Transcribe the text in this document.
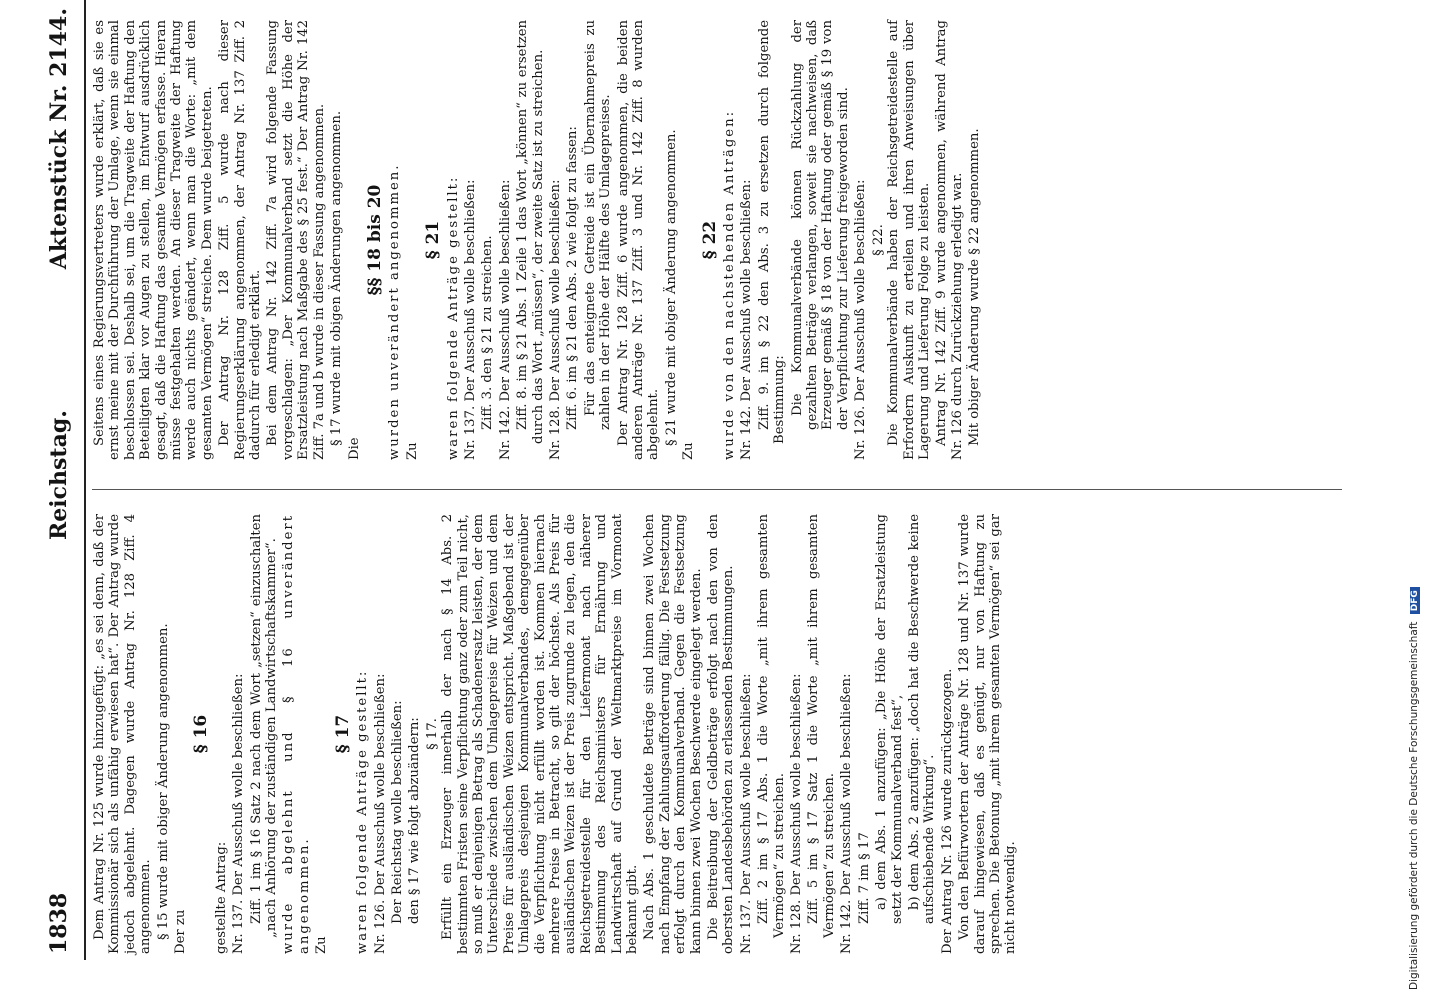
1838
Reichstag.
Aktenstück Nr. 2144.

Dem Antrag Nr. 125 wurde hinzugefügt: „es sei denn, daß der Kommissionär sich als unfähig erwiesen hat“. Der Antrag wurde jedoch abgelehnt. Dagegen wurde Antrag Nr. 128 Ziff. 4 angenommen. § 15 wurde mit obiger Änderung angenommen. Der zu

§ 16

gestellte Antrag: Nr. 137. Der Ausschuß wolle beschließen: Ziff. 1 im § 16 Satz 2 nach dem Wort „setzen“ einzuschalten „nach Anhörung der zuständigen Landwirtschaftskammer“. wurde abgelehnt und § 16 unverändert angenommen. Zu

§ 17 waren folgende Anträge gestellt: Nr. 126. Der Ausschuß wolle beschließen: Der Reichstag wolle beschließen: den § 17 wie folgt abzuändern: § 17. Erfüllt ein Erzeuger innerhalb der nach § 14 Abs. 2 bestimmten Fristen seine Verpflichtung ganz oder zum Teil nicht, so muß er denjenigen Betrag als Schadenersatz leisten, der dem Unterschiede zwischen dem Umlagepreise für Weizen und dem Preise für ausländischen Weizen entspricht. Maßgebend ist der Umlagepreis desjenigen Kommunalverbandes, demgegenüber die Verpflichtung nicht erfüllt worden ist. Kommen hiernach mehrere Preise in Betracht, so gilt der höchste. Als Preis für ausländischen Weizen ist der Preis zugrunde zu legen, den die Reichsgetreidestelle für den Liefermonat nach näherer Bestimmung des Reichsministers für Ernährung und Landwirtschaft auf Grund der Weltmarktpreise im Vormonat bekannt gibt. Nach Abs. 1 geschuldete Beträge sind binnen zwei Wochen nach Empfang der Zahlungsaufforderung fällig. Die Festsetzung erfolgt durch den Kommunalverband. Gegen die Festsetzung kann binnen zwei Wochen Beschwerde eingelegt werden. Die Beitreibung der Geldbeträge erfolgt nach den von den obersten Landesbehörden zu erlassenden Bestimmungen. Nr. 137. Der Ausschuß wolle beschließen: Ziff. 2 im § 17 Abs. 1 die Worte „mit ihrem gesamten Vermögen“ zu streichen. Nr. 128. Der Ausschuß wolle beschließen: Ziff. 5 im § 17 Satz 1 die Worte „mit ihrem gesamten Vermögen“ zu streichen. Nr. 142. Der Ausschuß wolle beschließen: Ziff. 7 im § 17 a) dem Abs. 1 anzufügen: „Die Höhe der Ersatzleistung setzt der Kommunalverband fest“, b) dem Abs. 2 anzufügen: „doch hat die Beschwerde keine aufschiebende Wirkung“. Der Antrag Nr. 126 wurde zurückgezogen. Von den Befürwortern der Anträge Nr. 128 und Nr. 137 wurde darauf hingewiesen, daß es genügt, nur von Haftung zu sprechen. Die Betonung „mit ihrem gesamten Vermögen“ sei gar nicht notwendig.

Seitens eines Regierungsvertreters wurde erklärt, daß sie es ernst meine mit der Durchführung der Umlage, wenn sie einmal beschlossen sei. Deshalb sei, um die Tragweite der Haftung den Beteiligten klar vor Augen zu stellen, im Entwurf ausdrücklich gesagt, daß die Haftung das gesamte Vermögen erfasse. Hieran müsse festgehalten werden. An dieser Tragweite der Haftung werde auch nichts geändert, wenn man die Worte: „mit dem gesamten Vermögen“ streiche. Dem wurde beigetreten. Der Antrag Nr. 128 Ziff. 5 wurde nach dieser Regierungserklärung angenommen, der Antrag Nr. 137 Ziff. 2 dadurch für erledigt erklärt. Bei dem Antrag Nr. 142 Ziff. 7a wird folgende Fassung vorgeschlagen: „Der Kommunalverband setzt die Höhe der Ersatzleistung nach Maßgabe des § 25 fest.“ Der Antrag Nr. 142 Ziff. 7a und b wurde in dieser Fassung angenommen. § 17 wurde mit obigen Änderungen angenommen.

Die

§§ 18 bis 20 wurden unverändert angenommen. Zu

§ 21 waren folgende Anträge gestellt: Nr. 137. Der Ausschuß wolle beschließen: Ziff. 3. den § 21 zu streichen. Nr. 142. Der Ausschuß wolle beschließen: Ziff. 8. im § 21 Abs. 1 Zeile 1 das Wort „können“ zu ersetzen durch das Wort „müssen“, der zweite Satz ist zu streichen. Nr. 128. Der Ausschuß wolle beschließen: Ziff. 6. im § 21 den Abs. 2 wie folgt zu fassen: Für das enteignete Getreide ist ein Übernahmepreis zu zahlen in der Höhe der Hälfte des Umlagepreises. Der Antrag Nr. 128 Ziff. 6 wurde angenommen, die beiden anderen Anträge Nr. 137 Ziff. 3 und Nr. 142 Ziff. 8 wurden abgelehnt. § 21 wurde mit obiger Änderung angenommen.

Zu

§ 22 wurde von den nachstehenden Anträgen: Nr. 142. Der Ausschuß wolle beschließen: Ziff. 9. im § 22 den Abs. 3 zu ersetzen durch folgende Bestimmung: Die Kommunalverbände können Rückzahlung der gezahlten Beträge verlangen, soweit sie nachweisen, daß Erzeuger gemäß § 18 von der Haftung oder gemäß § 19 von der Verpflichtung zur Lieferung freigeworden sind. Nr. 126. Der Ausschuß wolle beschließen: § 22. Die Kommunalverbände haben der Reichsgetreidestelle auf Erfordern Auskunft zu erteilen und ihren Anweisungen über Lagerung und Lieferung Folge zu leisten. Antrag Nr. 142 Ziff. 9 wurde angenommen, während Antrag Nr. 126 durch Zurückziehung erledigt war. Mit obiger Änderung wurde § 22 angenommen.

Digitalisierung gefördert durch die Deutsche Forschungsgemeinschaft DFG
